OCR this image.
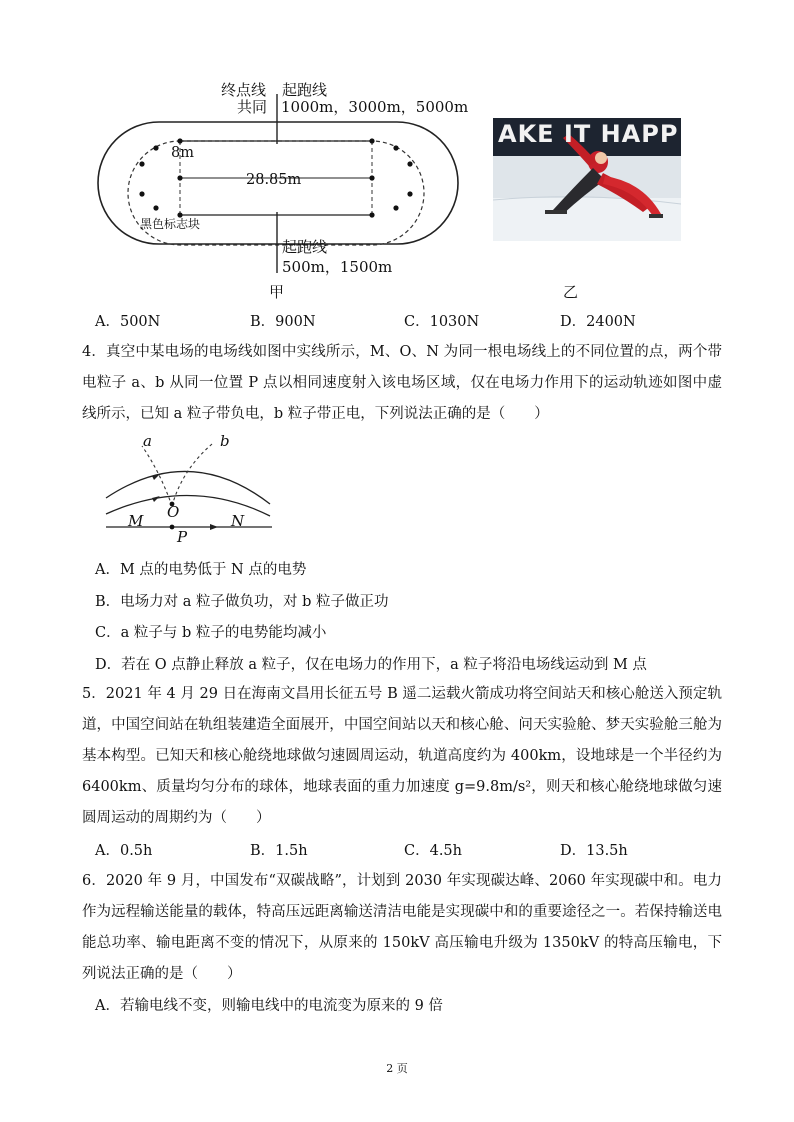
终点线
共同
起跑线
1000m，3000m，5000m
8m
28.85m
黑色标志块
起跑线
500m，1500m
甲
AKE IT HAPP
乙
A．500N	B．900N	C．1030N	D．2400N
4．真空中某电场的电场线如图中实线所示，M、O、N 为同一根电场线上的不同位置的点，两个带电粒子 a、b 从同一位置 P 点以相同速度射入该电场区域，仅在电场力作用下的运动轨迹如图中虚线所示，已知 a 粒子带负电，b 粒子带正电，下列说法正确的是（　　）
a	b
M O	N
P
A．M 点的电势低于 N 点的电势
B．电场力对 a 粒子做负功，对 b 粒子做正功
C．a 粒子与 b 粒子的电势能均减小
D．若在 O 点静止释放 a 粒子，仅在电场力的作用下，a 粒子将沿电场线运动到 M 点
5．2021 年 4 月 29 日在海南文昌用长征五号 B 遥二运载火箭成功将空间站天和核心舱送入预定轨道，中国空间站在轨组装建造全面展开，中国空间站以天和核心舱、问天实验舱、梦天实验舱三舱为基本构型。已知天和核心舱绕地球做匀速圆周运动，轨道高度约为 400km，设地球是一个半径约为 6400km、质量均匀分布的球体，地球表面的重力加速度 g=9.8m/s²，则天和核心舱绕地球做匀速圆周运动的周期约为（　　）
A．0.5h	B．1.5h	C．4.5h	D．13.5h
6．2020 年 9 月，中国发布“双碳战略”，计划到 2030 年实现碳达峰、2060 年实现碳中和。电力作为远程输送能量的载体，特高压远距离输送清洁电能是实现碳中和的重要途径之一。若保持输送电能总功率、输电距离不变的情况下，从原来的 150kV 高压输电升级为 1350kV 的特高压输电，下列说法正确的是（　　）
A．若输电线不变，则输电线中的电流变为原来的 9 倍
2 页
